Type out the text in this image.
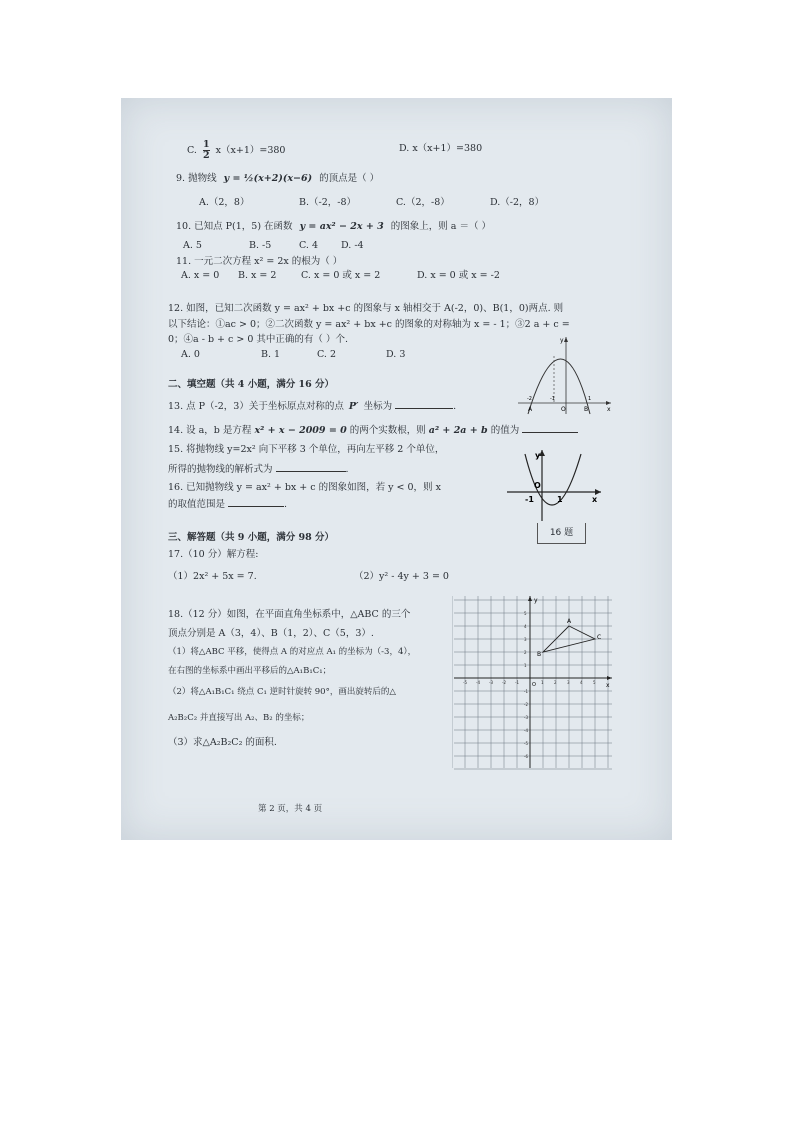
C. $\frac{1}{2} x(x+1)=380$	D. x（x+1）=380
9. 抛物线 y = ½(x+2)(x−6) 的顶点是（ ）
A.（2，8）	B.（-2，-8）	C.（2，-8）	D.（-2，8）
10. 已知点 P(1，5) 在函数 y = ax² − 2x + 3 的图象上，则 a ＝（ ）
A. 5	B. -5	C. 4 D. -4
11. 一元二次方程 x² = 2x 的根为（ ）
A. x = 0 B. x = 2	C. x = 0 或 x = 2	D. x = 0 或 x = -2
12. 如图，已知二次函数 y = ax² + bx +c 的图象与 x 轴相交于 A(-2，0)、B(1，0)两点. 则
以下结论：①ac > 0；②二次函数 y = ax² + bx +c 的图象的对称轴为 x = - 1；③2 a + c =
0；④a - b + c > 0 其中正确的有（ ）个.
A. 0	B. 1	C. 2	D. 3
y
x
-2	-1	1
A	O	B
二、填空题（共 4 小题，满分 16 分）
13. 点 P（-2，3）关于坐标原点对称的点 P′ 坐标为	.
14. 设 a，b 是方程 x² + x − 2009 = 0 的两个实数根，则 a² + 2a + b 的值为
15. 将抛物线 y=2x² 向下平移 3 个单位，再向左平移 2 个单位，
所得的抛物线的解析式为	.
16. 已知抛物线 y = ax² + bx + c 的图象如图，若 y < 0，则 x
的取值范围是	.
y
x
O
-1	1
16 题
三、解答题（共 9 小题，满分 98 分）
17.（10 分）解方程:
（1）2x² + 5x = 7.	（2）y² - 4y + 3 = 0
18.（12 分）如图，在平面直角坐标系中，△ABC 的三个
顶点分别是 A（3，4）、B（1，2）、C（5，3）.
（1）将△ABC 平移，使得点 A 的对应点 A₁ 的坐标为（-3，4），
在右图的坐标系中画出平移后的△A₁B₁C₁；
（2）将△A₁B₁C₁ 绕点 C₁ 逆时针旋转 90°，画出旋转后的△
A₂B₂C₂ 并直接写出 A₂、B₂ 的坐标；
（3）求△A₂B₂C₂ 的面积.
y
x
O
A
B
C
-5 -4 -3 -2 -1	1	2	3	4	5
-6
-5
-4
-3
-2
-1
1
2
3
4
5
第 2 页，共 4 页
